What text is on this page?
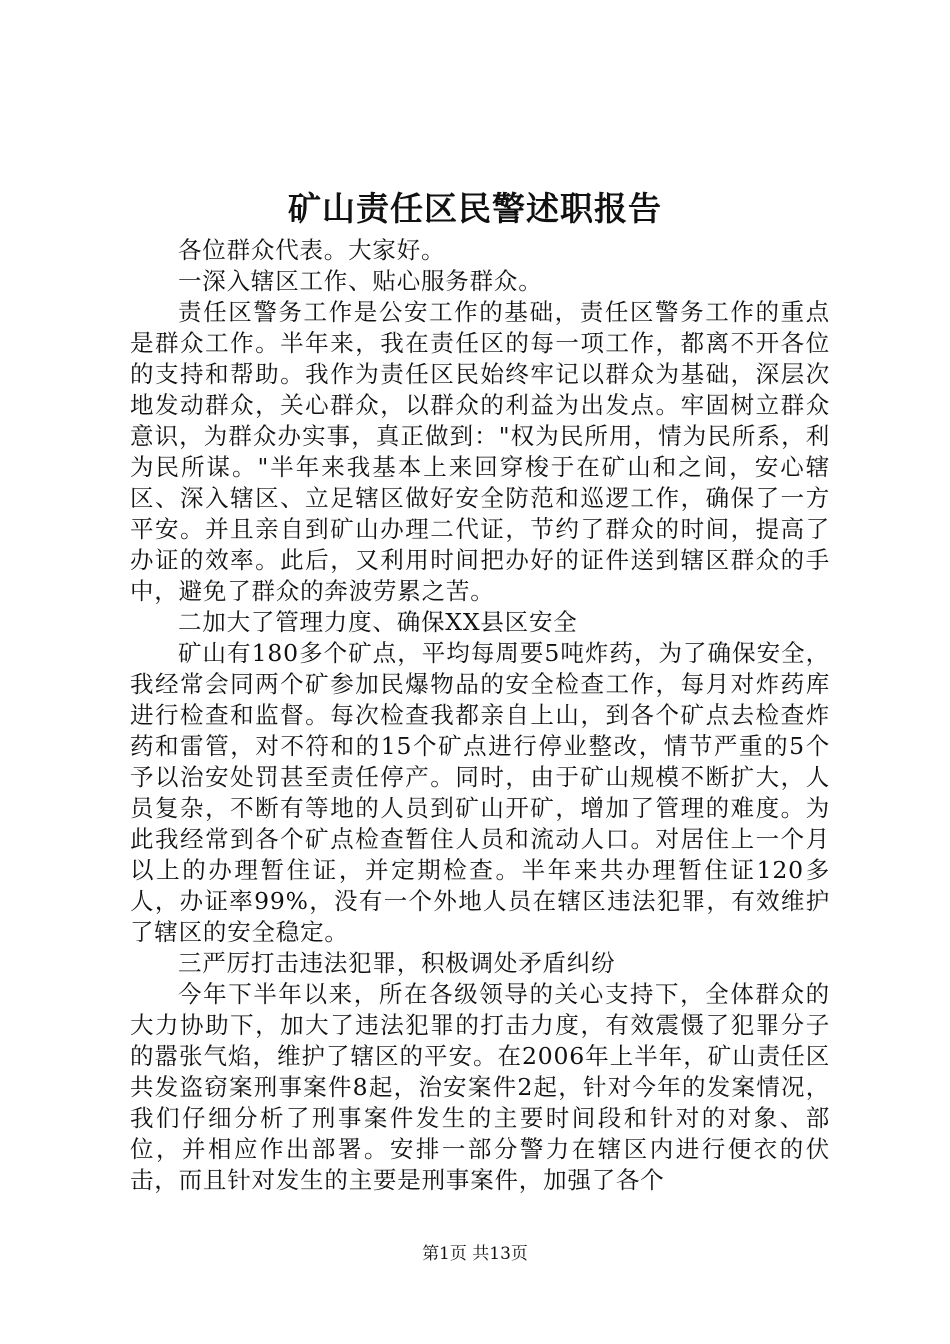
矿山责任区民警述职报告

各位群众代表。大家好。

一深入辖区工作、贴心服务群众。

责任区警务工作是公安工作的基础，责任区警务工作的重点是群众工作。半年来，我在责任区的每一项工作，都离不开各位的支持和帮助。我作为责任区民始终牢记以群众为基础，深层次地发动群众，关心群众，以群众的利益为出发点。牢固树立群众意识，为群众办实事，真正做到："权为民所用，情为民所系，利为民所谋。"半年来我基本上来回穿梭于在矿山和之间，安心辖区、深入辖区、立足辖区做好安全防范和巡逻工作，确保了一方平安。并且亲自到矿山办理二代证，节约了群众的时间，提高了办证的效率。此后，又利用时间把办好的证件送到辖区群众的手中，避免了群众的奔波劳累之苦。

二加大了管理力度、确保XX县区安全

矿山有180多个矿点，平均每周要5吨炸药，为了确保安全，我经常会同两个矿参加民爆物品的安全检查工作，每月对炸药库进行检查和监督。每次检查我都亲自上山，到各个矿点去检查炸药和雷管，对不符和的15个矿点进行停业整改，情节严重的5个予以治安处罚甚至责任停产。同时，由于矿山规模不断扩大，人员复杂，不断有等地的人员到矿山开矿，增加了管理的难度。为此我经常到各个矿点检查暂住人员和流动人口。对居住上一个月以上的办理暂住证，并定期检查。半年来共办理暂住证120多人，办证率99%，没有一个外地人员在辖区违法犯罪，有效维护了辖区的安全稳定。

三严厉打击违法犯罪，积极调处矛盾纠纷

今年下半年以来，所在各级领导的关心支持下，全体群众的大力协助下，加大了违法犯罪的打击力度，有效震慑了犯罪分子的嚣张气焰，维护了辖区的平安。在2006年上半年，矿山责任区共发盗窃案刑事案件8起，治安案件2起，针对今年的发案情况，我们仔细分析了刑事案件发生的主要时间段和针对的对象、部位，并相应作出部署。安排一部分警力在辖区内进行便衣的伏击，而且针对发生的主要是刑事案件，加强了各个

第1页 共13页
